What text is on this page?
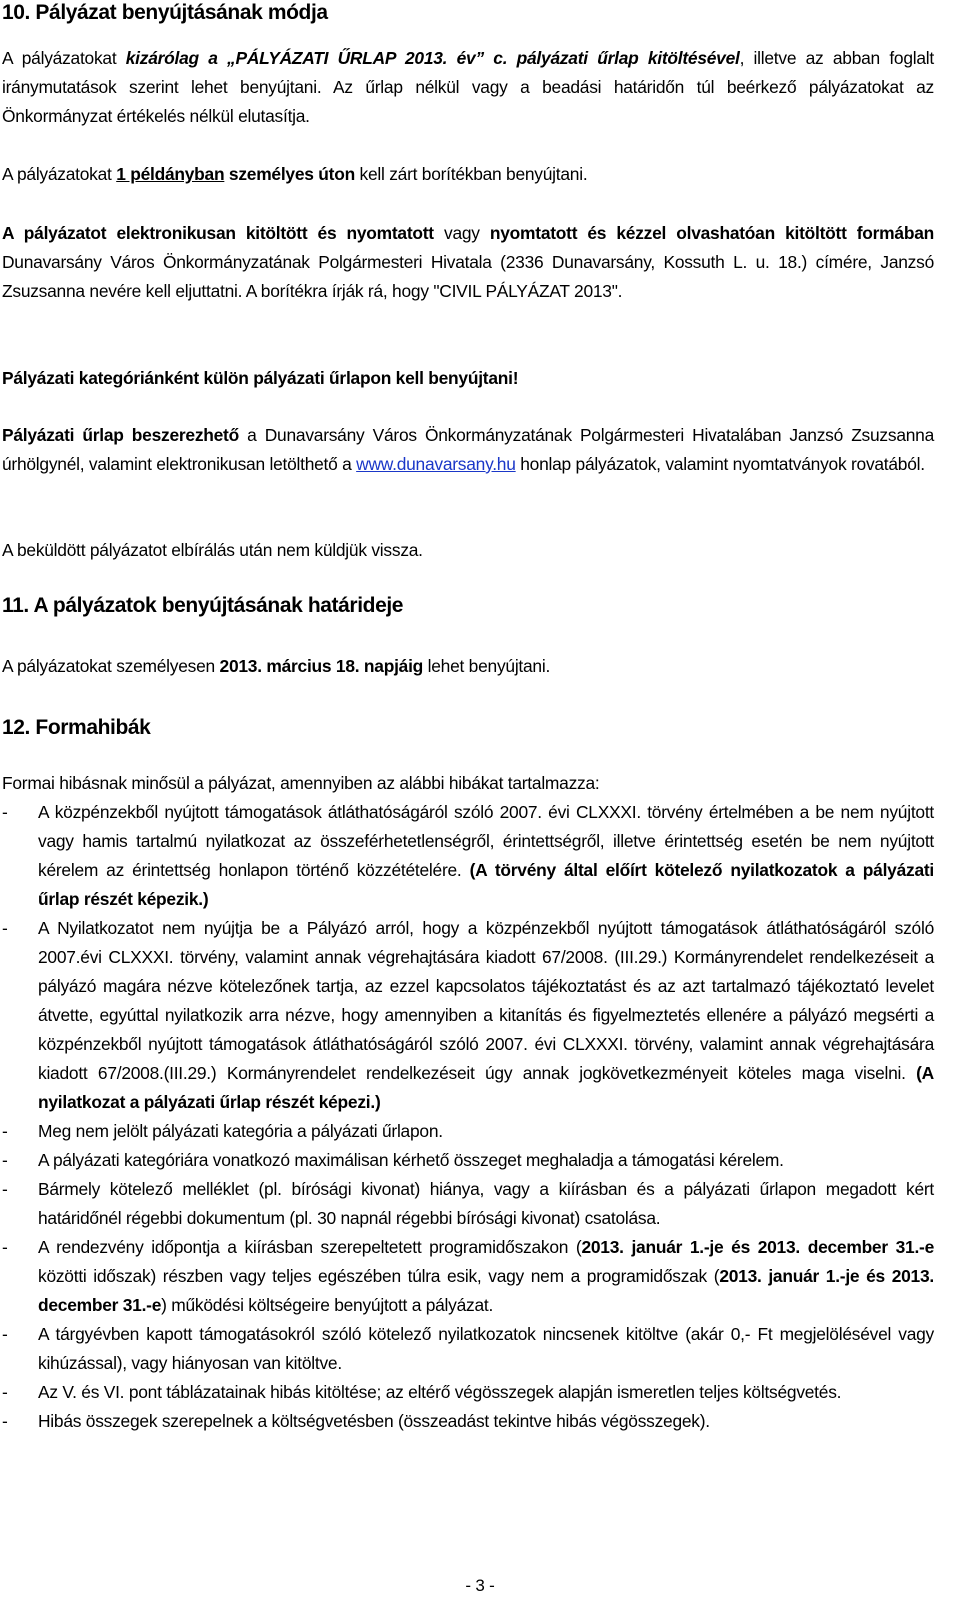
10. Pályázat benyújtásának módja
A pályázatokat kizárólag a „PÁLYÁZATI ŰRLAP 2013. év” c. pályázati űrlap kitöltésével, illetve az abban foglalt iránymutatások szerint lehet benyújtani. Az űrlap nélkül vagy a beadási határidőn túl beérkező pályázatokat az Önkormányzat értékelés nélkül elutasítja.
A pályázatokat 1 példányban személyes úton kell zárt borítékban benyújtani.
A pályázatot elektronikusan kitöltött és nyomtatott vagy nyomtatott és kézzel olvashatóan kitöltött formában Dunavarsány Város Önkormányzatának Polgármesteri Hivatala (2336 Dunavarsány, Kossuth L. u. 18.) címére, Janzsó Zsuzsanna nevére kell eljuttatni. A borítékra írják rá, hogy "CIVIL PÁLYÁZAT 2013".
Pályázati kategóriánként külön pályázati űrlapon kell benyújtani!
Pályázati űrlap beszerezhető a Dunavarsány Város Önkormányzatának Polgármesteri Hivatalában Janzsó Zsuzsanna úrhölgynél, valamint elektronikusan letölthető a www.dunavarsany.hu honlap pályázatok, valamint nyomtatványok rovatából.
A beküldött pályázatot elbírálás után nem küldjük vissza.
11. A pályázatok benyújtásának határideje
A pályázatokat személyesen 2013. március 18. napjáig lehet benyújtani.
12. Formahibák
Formai hibásnak minősül a pályázat, amennyiben az alábbi hibákat tartalmazza:
- A közpénzekből nyújtott támogatások átláthatóságáról szóló 2007. évi CLXXXI. törvény értelmében a be nem nyújtott vagy hamis tartalmú nyilatkozat az összeférhetetlenségről, érintettségről, illetve érintettség esetén be nem nyújtott kérelem az érintettség honlapon történő közzétételére. (A törvény által előírt kötelező nyilatkozatok a pályázati űrlap részét képezik.)
- A Nyilatkozatot nem nyújtja be a Pályázó arról, hogy a közpénzekből nyújtott támogatások átláthatóságáról szóló 2007.évi CLXXXI. törvény, valamint annak végrehajtására kiadott 67/2008. (III.29.) Kormányrendelet rendelkezéseit a pályázó magára nézve kötelezőnek tartja, az ezzel kapcsolatos tájékoztatást és az azt tartalmazó tájékoztató levelet átvette, egyúttal nyilatkozik arra nézve, hogy amennyiben a kitanítás és figyelmeztetés ellenére a pályázó megsérti a közpénzekből nyújtott támogatások átláthatóságáról szóló 2007. évi CLXXXI. törvény, valamint annak végrehajtására kiadott 67/2008.(III.29.) Kormányrendelet rendelkezéseit úgy annak jogkövetkezményeit köteles maga viselni. (A nyilatkozat a pályázati űrlap részét képezi.)
- Meg nem jelölt pályázati kategória a pályázati űrlapon.
- A pályázati kategóriára vonatkozó maximálisan kérhető összeget meghaladja a támogatási kérelem.
- Bármely kötelező melléklet (pl. bírósági kivonat) hiánya, vagy a kiírásban és a pályázati űrlapon megadott kért határidőnél régebbi dokumentum (pl. 30 napnál régebbi bírósági kivonat) csatolása.
- A rendezvény időpontja a kiírásban szerepeltetett programidőszakon (2013. január 1.-je és 2013. december 31.-e közötti időszak) részben vagy teljes egészében túlra esik, vagy nem a programidőszak (2013. január 1.-je és 2013. december 31.-e) működési költségeire benyújtott a pályázat.
- A tárgyévben kapott támogatásokról szóló kötelező nyilatkozatok nincsenek kitöltve (akár 0,- Ft megjelölésével vagy kihúzással), vagy hiányosan van kitöltve.
- Az V. és VI. pont táblázatainak hibás kitöltése; az eltérő végösszegek alapján ismeretlen teljes költségvetés.
- Hibás összegek szerepelnek a költségvetésben (összeadást tekintve hibás végösszegek).
- 3 -
